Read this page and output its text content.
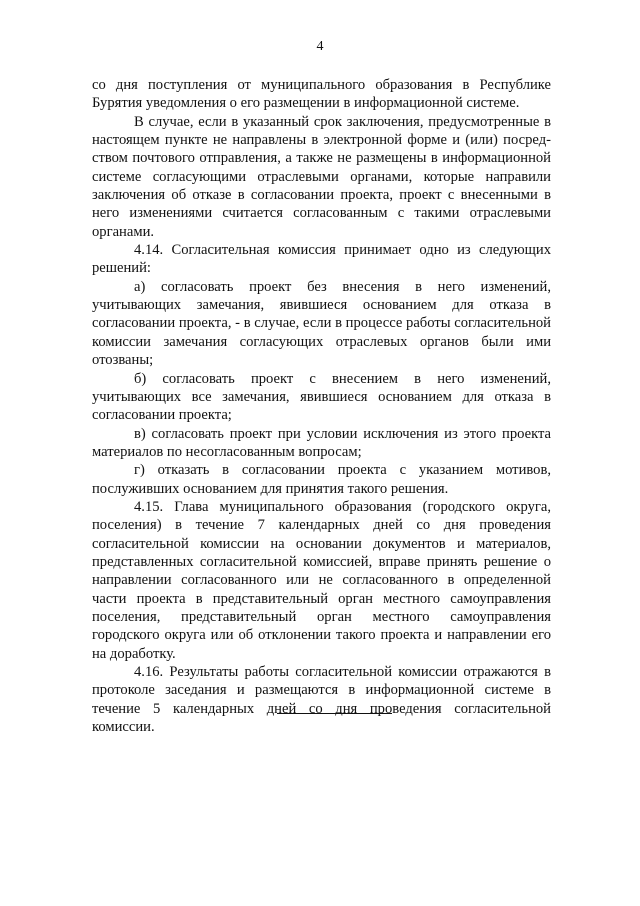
4

со дня поступления от муниципального образования в Республике Бурятия уведомления о его размещении в информационной системе.

В случае, если в указанный срок заключения, предусмотренные в настоящем пункте не направлены в электронной форме и (или) посредством почтового отправления, а также не размещены в информационной системе согласующими отраслевыми органами, которые направили заключения об отказе в согласовании проекта, проект с внесенными в него изменениями считается согласованным с такими отраслевыми органами.

4.14. Согласительная комиссия принимает одно из следующих решений:

а) согласовать проект без внесения в него изменений, учитывающих замечания, явившиеся основанием для отказа в согласовании проекта, - в случае, если в процессе работы согласительной комиссии замечания согласующих отраслевых органов были ими отозваны;

б) согласовать проект с внесением в него изменений, учитывающих все замечания, явившиеся основанием для отказа в согласовании проекта;

в) согласовать проект при условии исключения из этого проекта материалов по несогласованным вопросам;

г) отказать в согласовании проекта с указанием мотивов, послуживших основанием для принятия такого решения.

4.15. Глава муниципального образования (городского округа, поселения) в течение 7 календарных дней со дня проведения согласительной комиссии на основании документов и материалов, представленных согласительной комиссией, вправе принять решение о направлении согласованного или не согласованного в определенной части проекта в представительный орган местного самоуправления поселения, представительный орган местного самоуправления городского округа или об отклонении такого проекта и направлении его на доработку.

4.16. Результаты работы согласительной комиссии отражаются в протоколе заседания и размещаются в информационной системе в течение 5 календарных дней со дня проведения согласительной комиссии.
